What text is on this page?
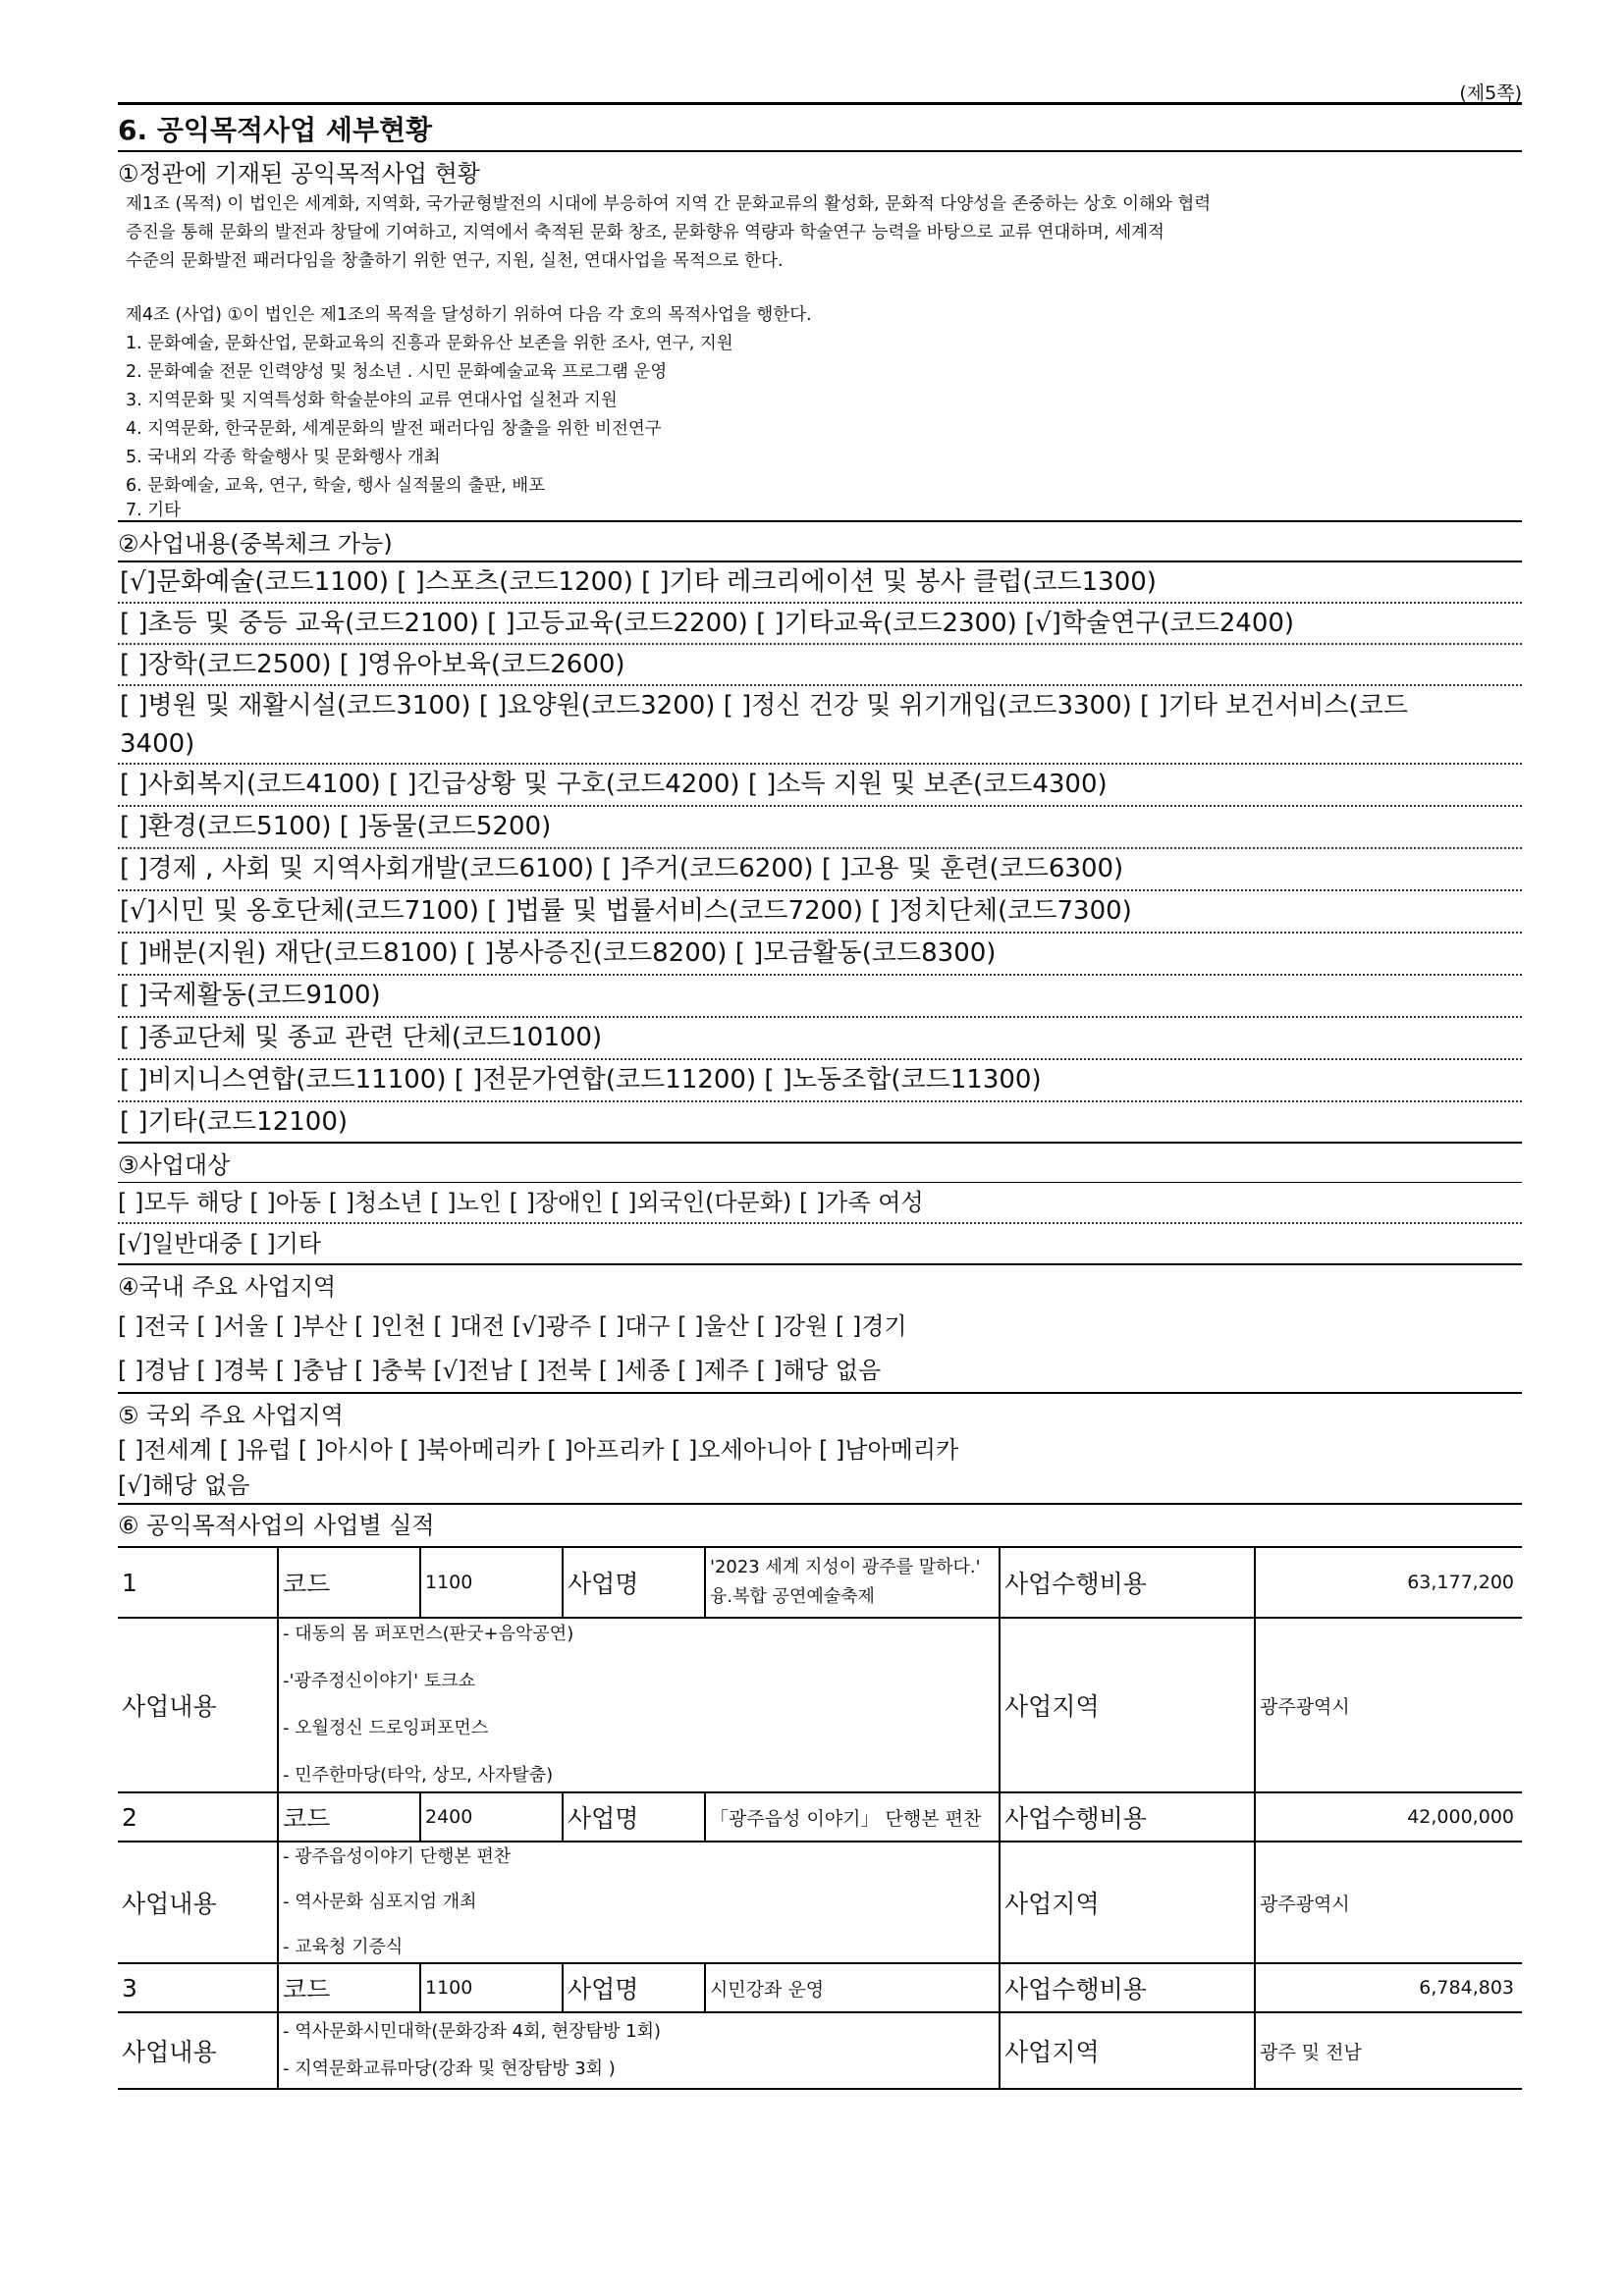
(제5쪽)
6. 공익목적사업 세부현황
①정관에 기재된 공익목적사업 현황

제1조 (목적) 이 법인은 세계화, 지역화, 국가균형발전의 시대에 부응하여 지역 간 문화교류의 활성화, 문화적 다양성을 존중하는 상호 이해와 협력

증진을 통해 문화의 발전과 창달에 기여하고, 지역에서 축적된 문화 창조, 문화향유 역량과 학술연구 능력을 바탕으로 교류 연대하며, 세계적

수준의 문화발전 패러다임을 창출하기 위한 연구, 지원, 실천, 연대사업을 목적으로 한다.

제4조 (사업) ①이 법인은 제1조의 목적을 달성하기 위하여 다음 각 호의 목적사업을 행한다.

1. 문화예술, 문화산업, 문화교육의 진흥과 문화유산 보존을 위한 조사, 연구, 지원

2. 문화예술 전문 인력양성 및 청소년 . 시민 문화예술교육 프로그램 운영

3. 지역문화 및 지역특성화 학술분야의 교류 연대사업 실천과 지원

4. 지역문화, 한국문화, 세계문화의 발전 패러다임 창출을 위한 비전연구

5. 국내외 각종 학술행사 및 문화행사 개최

6. 문화예술, 교육, 연구, 학술, 행사 실적물의 출판, 배포

7. 기타

②사업내용(중복체크 가능)
[√]문화예술(코드1100) [ ]스포츠(코드1200) [ ]기타 레크리에이션 및 봉사 클럽(코드1300)
[ ]초등 및 중등 교육(코드2100) [ ]고등교육(코드2200) [ ]기타교육(코드2300) [√]학술연구(코드2400)
[ ]장학(코드2500) [ ]영유아보육(코드2600)
[ ]병원 및 재활시설(코드3100) [ ]요양원(코드3200) [ ]정신 건강 및 위기개입(코드3300) [ ]기타 보건서비스(코드
3400)
[ ]사회복지(코드4100) [ ]긴급상황 및 구호(코드4200) [ ]소득 지원 및 보존(코드4300)
[ ]환경(코드5100) [ ]동물(코드5200)
[ ]경제 , 사회 및 지역사회개발(코드6100) [ ]주거(코드6200) [ ]고용 및 훈련(코드6300)
[√]시민 및 옹호단체(코드7100) [ ]법률 및 법률서비스(코드7200) [ ]정치단체(코드7300)
[ ]배분(지원) 재단(코드8100) [ ]봉사증진(코드8200) [ ]모금활동(코드8300)
[ ]국제활동(코드9100)
[ ]종교단체 및 종교 관련 단체(코드10100)
[ ]비지니스연합(코드11100) [ ]전문가연합(코드11200) [ ]노동조합(코드11300)
[ ]기타(코드12100)
③사업대상
[ ]모두 해당 [ ]아동 [ ]청소년 [ ]노인 [ ]장애인 [ ]외국인(다문화) [ ]가족 여성
[√]일반대중 [ ]기타
④국내 주요 사업지역
[ ]전국 [ ]서울 [ ]부산 [ ]인천 [ ]대전 [√]광주 [ ]대구 [ ]울산 [ ]강원 [ ]경기
[ ]경남 [ ]경북 [ ]충남 [ ]충북 [√]전남 [ ]전북 [ ]세종 [ ]제주 [ ]해당 없음
⑤ 국외 주요 사업지역
[ ]전세계 [ ]유럽 [ ]아시아 [ ]북아메리카 [ ]아프리카 [ ]오세아니아 [ ]남아메리카
[√]해당 없음
⑥ 공익목적사업의 사업별 실적
1	코드	1100	사업명	'2023 세계 지성이 광주를 말하다.' 융.복합 공연예술축제	사업수행비용	63,177,200
사업내용	- 대동의 몸 퍼포먼스(판굿+음악공연)
-'광주정신이야기' 토크쇼
- 오월정신 드로잉퍼포먼스
- 민주한마당(타악, 상모, 사자탈춤)				사업지역	광주광역시
2	코드	2400	사업명	「광주읍성 이야기」 단행본 편찬	사업수행비용	42,000,000
사업내용	- 광주읍성이야기 단행본 편찬
- 역사문화 심포지엄 개최
- 교육청 기증식				사업지역	광주광역시
3	코드	1100	사업명	시민강좌 운영	사업수행비용	6,784,803
사업내용	- 역사문화시민대학(문화강좌 4회, 현장탐방 1회)
- 지역문화교류마당(강좌 및 현장탐방 3회 )				사업지역	광주 및 전남
